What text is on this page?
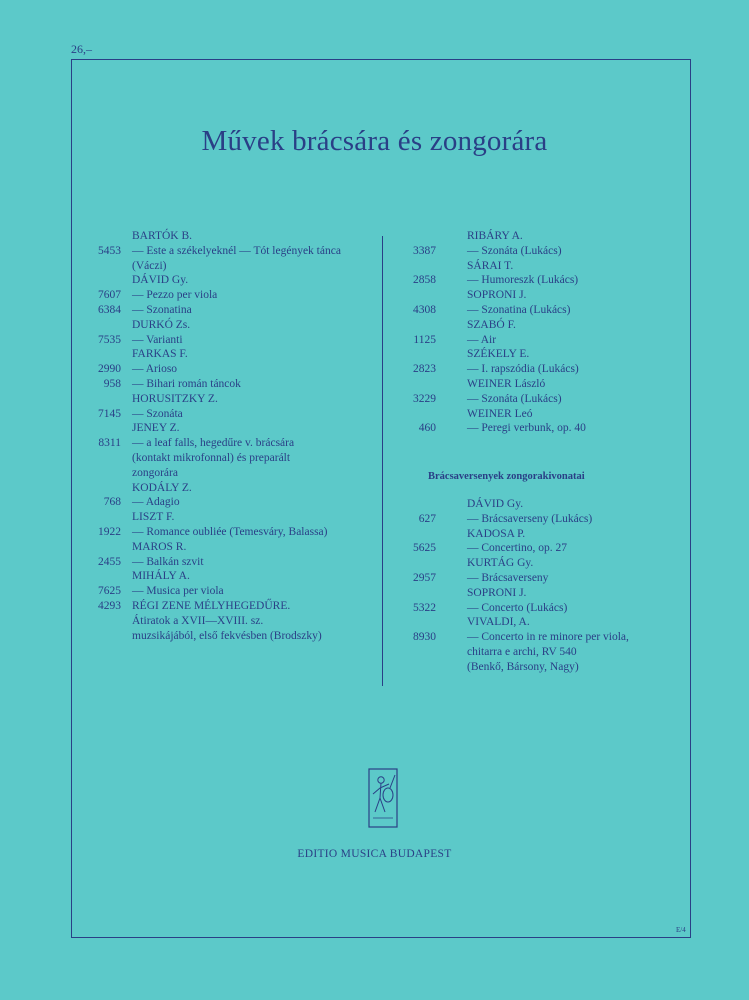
26,–
Művek brácsára és zongorára
BARTÓK B.
5453 — Este a székelyeknél — Tót legények tánca
(Váczi)
DÁVID Gy.
7607 — Pezzo per viola
6384 — Szonatina
DURKÓ Zs.
7535 — Varianti
FARKAS F.
2990 — Arioso
958 — Bihari román táncok
HORUSITZKY Z.
7145 — Szonáta
JENEY Z.
8311 — a leaf falls, hegedűre v. brácsára
(kontakt mikrofonnal) és preparált
zongorára
KODÁLY Z.
768 — Adagio
LISZT F.
1922 — Romance oubliée (Temesváry, Balassa)
MAROS R.
2455 — Balkán szvit
MIHÁLY A.
7625 — Musica per viola
4293 RÉGI ZENE MÉLYHEGEDŰRE.
Átiratok a XVII—XVIII. sz.
muzsikájából, első fekvésben (Brodszky)
RIBÁRY A.
3387	— Szonáta (Lukács)
SÁRAI T.
2858	— Humoreszk (Lukács)
SOPRONI J.
4308	— Szonatina (Lukács)
SZABÓ F.
1125	— Air
SZÉKELY E.
2823	— I. rapszódia (Lukács)
WEINER László
3229	— Szonáta (Lukács)
WEINER Leó
460	— Peregi verbunk, op. 40
Brácsaversenyek zongorakivonatai
DÁVID Gy.
627	— Brácsaverseny (Lukács)
KADOSA P.
5625	— Concertino, op. 27
KURTÁG Gy.
2957	— Brácsaverseny
SOPRONI J.
5322	— Concerto (Lukács)
VIVALDI, A.
8930	— Concerto in re minore per viola,
chitarra e archi, RV 540
(Benkő, Bársony, Nagy)
EDITIO MUSICA BUDAPEST
E/4
